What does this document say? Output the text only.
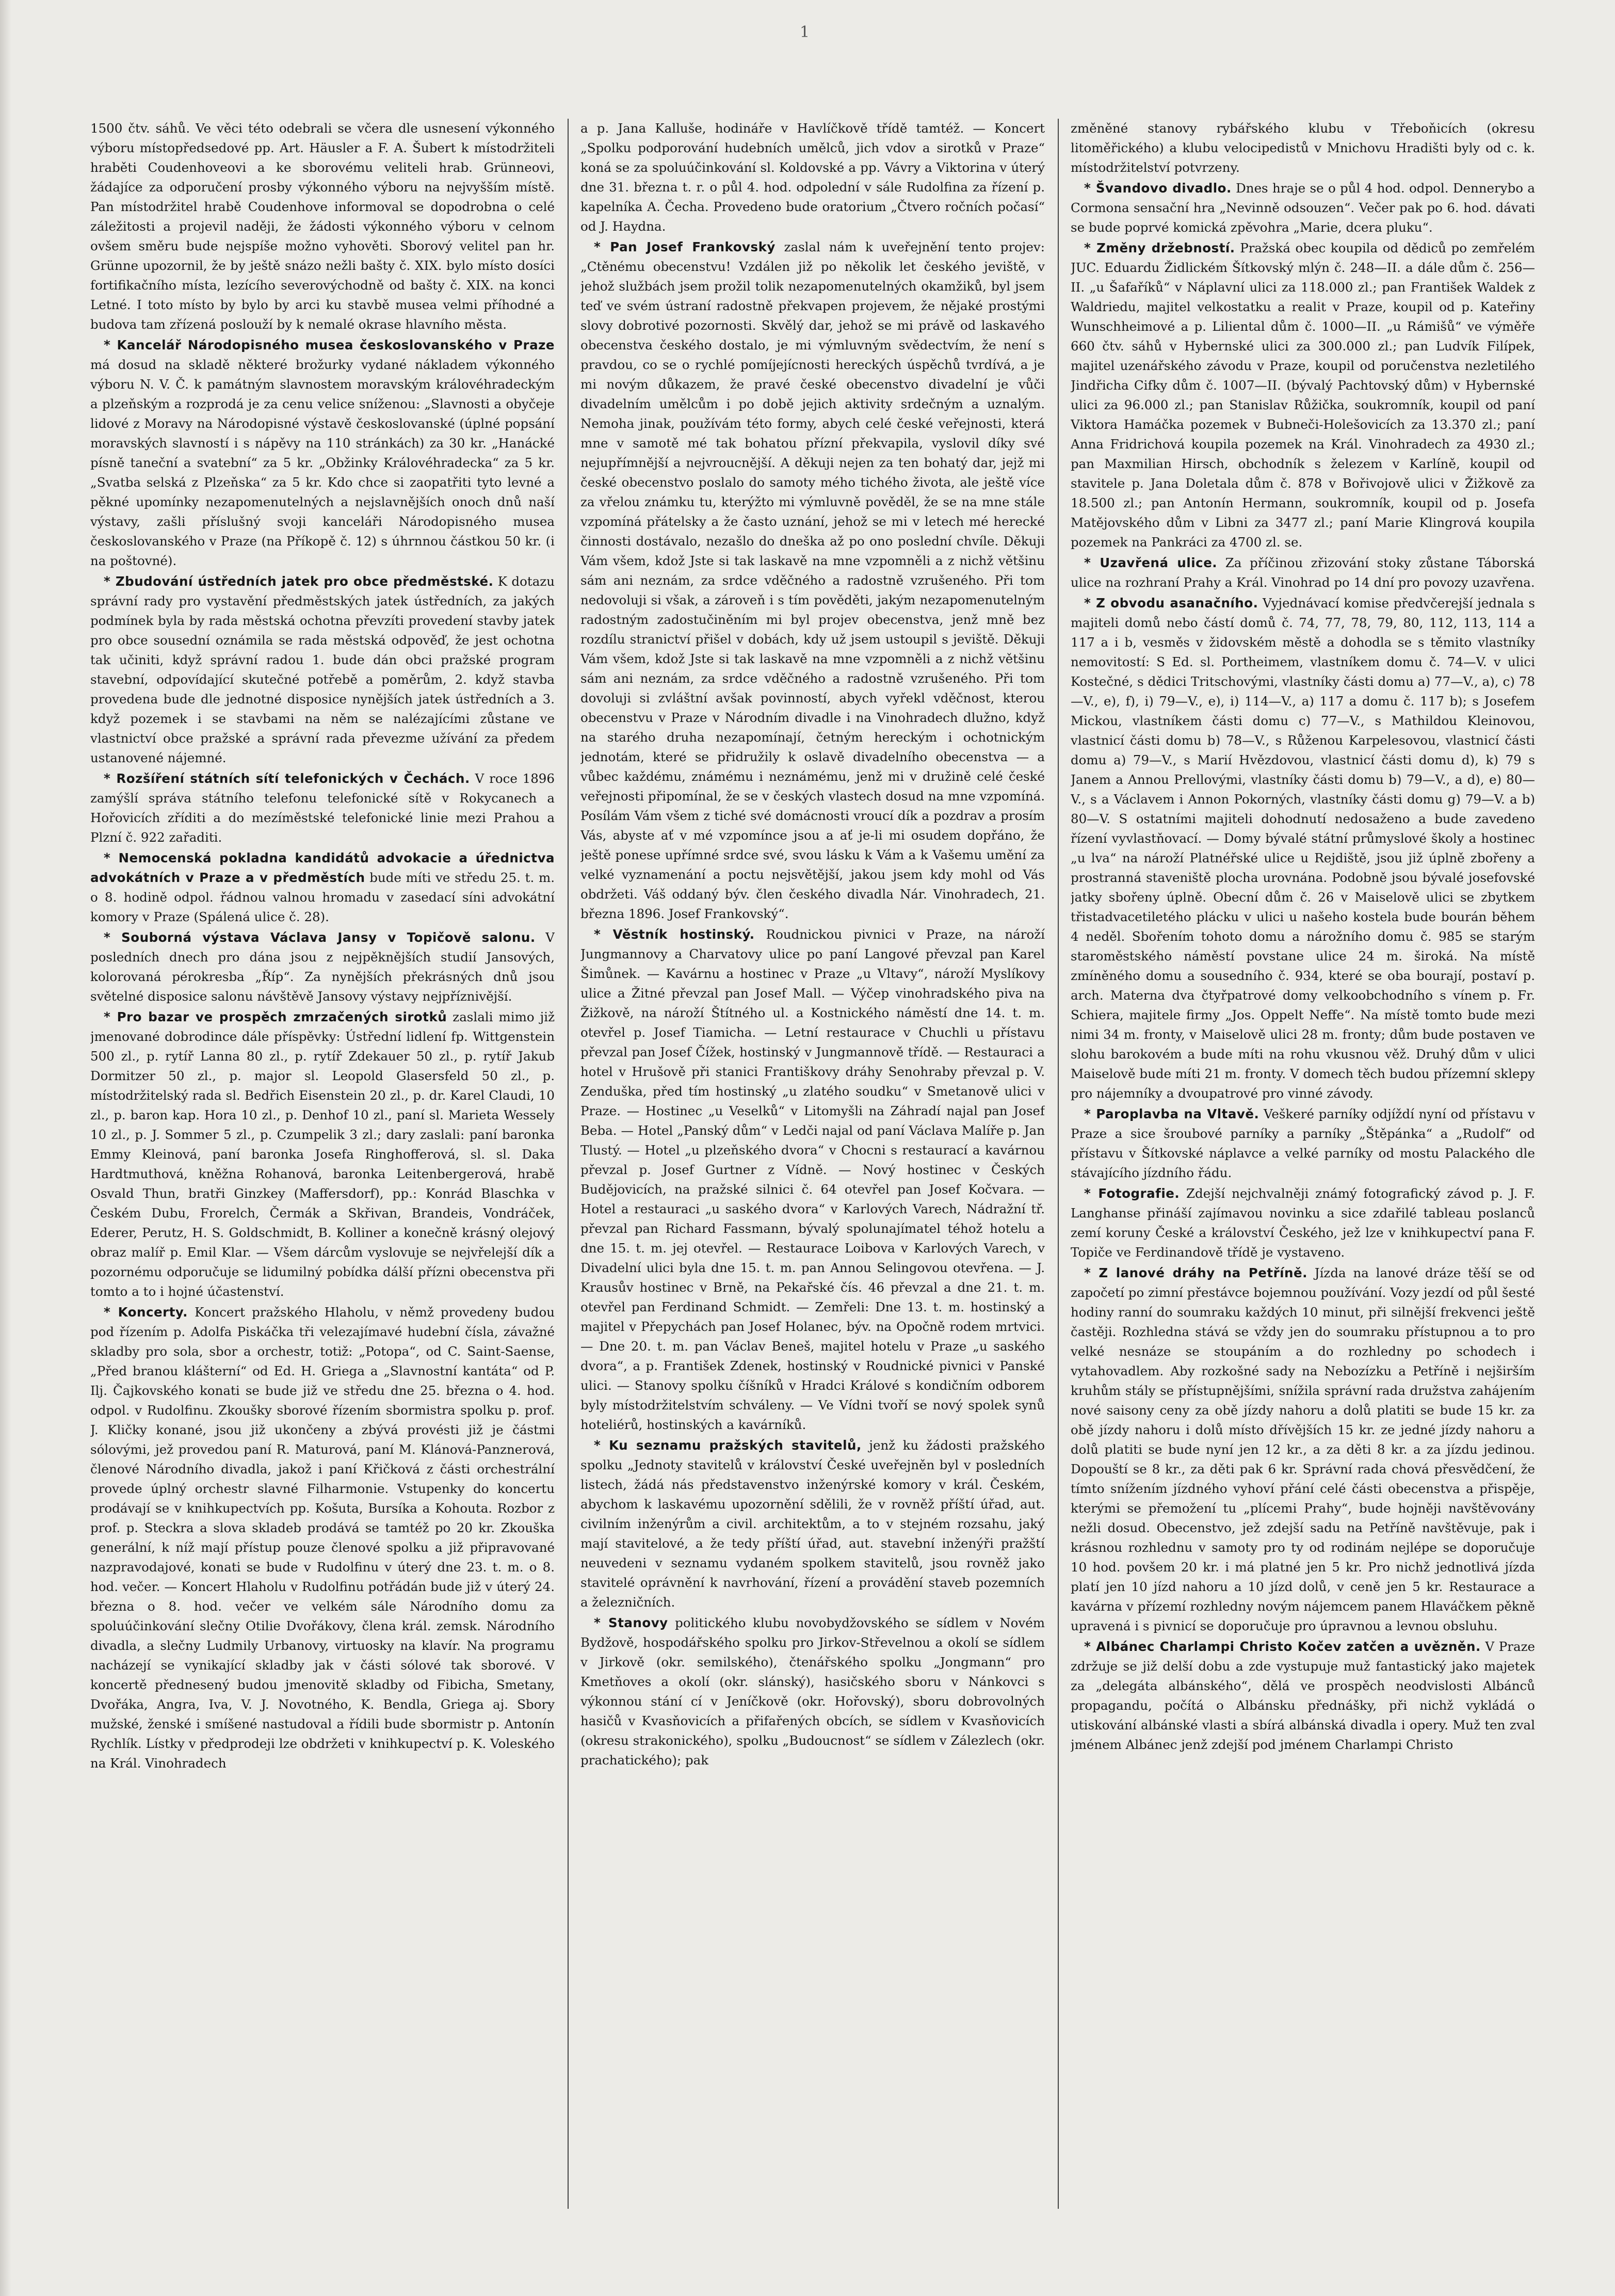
1

1500 čtv. sáhů. Ve věci této odebrali se včera dle usnesení výkonného výboru místopředsedové pp. Art. Häusler a F. A. Šubert k místodržiteli hraběti Coudenhoveovi a ke sborovému veliteli hrab. Grünneovi, žádajíce za odporučení prosby výkonného výboru na nejvyšším místě. Pan místodržitel hrabě Coudenhove informoval se dopodrobna o celé záležitosti a projevil naději, že žádosti výkonného výboru v celnom ovšem směru bude nejspíše možno vyhověti. Sborový velitel pan hr. Grünne upozornil, že by ještě snázo nežli bašty č. XIX. bylo místo dosíci fortifikačního místa, lezícího severovýchodně od bašty č. XIX. na konci Letné. I toto místo by bylo by arci ku stavbě musea velmi příhodné a budova tam zřízená poslouží by k nemalé okrase hlavního města.

* Kancelář Národopisného musea českoslovanského v Praze má dosud na skladě některé brožurky vydané nákladem výkonného výboru N. V. Č. k památným slavnostem moravským královéhradeckým a plzeňským a rozprodá je za cenu velice sníženou: „Slavnosti a obyčeje lidové z Moravy na Národopisné výstavě českoslovanské (úplné popsání moravských slavností i s nápěvy na 110 stránkách) za 30 kr. „Hanácké písně taneční a svatební“ za 5 kr. „Obžinky Královéhradecka“ za 5 kr. „Svatba selská z Plzeňska“ za 5 kr. Kdo chce si zaopatřiti tyto levné a pěkné upomínky nezapomenutelných a nejslavnějších onoch dnů naší výstavy, zašli příslušný svoji kanceláři Národopisného musea českoslovanského v Praze (na Příkopě č. 12) s úhrnnou částkou 50 kr. (i na poštovné).

* Zbudování ústředních jatek pro obce předměstské. K dotazu správní rady pro vystavění předměstských jatek ústředních, za jakých podmínek byla by rada městská ochotna převzíti provedení stavby jatek pro obce sousední oznámila se rada městská odpověď, že jest ochotna tak učiniti, když správní radou 1. bude dán obci pražské program stavební, odpovídající skutečné potřebě a poměrům, 2. když stavba provedena bude dle jednotné disposice nynějších jatek ústředních a 3. když pozemek i se stavbami na něm se nalézajícími zůstane ve vlastnictví obce pražské a správní rada převezme užívání za předem ustanovené nájemné.

* Rozšíření státních sítí telefonických v Čechách. V roce 1896 zamýšlí správa státního telefonu telefonické sítě v Rokycanech a Hořovicích zříditi a do mezíměstské telefonické linie mezi Prahou a Plzní č. 922 zařaditi.

* Nemocenská pokladna kandidátů advokacie a úřednictva advokátních v Praze a v předměstích bude míti ve středu 25. t. m. o 8. hodině odpol. řádnou valnou hromadu v zasedací síni advokátní komory v Praze (Spálená ulice č. 28).

* Souborná výstava Václava Jansy v Topičově salonu. V posledních dnech pro dána jsou z nejpěknějších studií Jansových, kolorovaná pérokresba „Říp“. Za nynějších překrásných dnů jsou světelné disposice salonu návštěvě Jansovy výstavy nejpříznivější.

* Pro bazar ve prospěch zmrzačených sirotků zaslali mimo již jmenované dobrodince dále příspěvky: Ústřední lidlení fp. Wittgenstein 500 zl., p. rytíř Lanna 80 zl., p. rytíř Zdekauer 50 zl., p. rytíř Jakub Dormitzer 50 zl., p. major sl. Leopold Glasersfeld 50 zl., p. místodržitelský rada sl. Bedřich Eisenstein 20 zl., p. dr. Karel Claudi, 10 zl., p. baron kap. Hora 10 zl., p. Denhof 10 zl., paní sl. Marieta Wessely 10 zl., p. J. Sommer 5 zl., p. Czumpelik 3 zl.; dary zaslali: paní baronka Emmy Kleinová, paní baronka Josefa Ringhofferová, sl. sl. Daka Hardtmuthová, kněžna Rohanová, baronka Leitenbergerová, hrabě Osvald Thun, bratři Ginzkey (Maffersdorf), pp.: Konrád Blaschka v Českém Dubu, Frorelch, Čermák a Skřivan, Brandeis, Vondráček, Ederer, Perutz, H. S. Goldschmidt, B. Kolliner a konečně krásný olejový obraz malíř p. Emil Klar. — Všem dárcům vyslovuje se nejvřelejší dík a pozornému odporučuje se lidumilný pobídka dálší přízni obecenstva při tomto a to i hojné účastenství.

* Koncerty. Koncert pražského Hlaholu, v němž provedeny budou pod řízením p. Adolfa Piskáčka tři velezajímavé hudební čísla, závažné skladby pro sola, sbor a orchestr, totiž: „Potopa“, od C. Saint-Saense, „Před branou klášterní“ od Ed. H. Griega a „Slavnostní kantáta“ od P. Ilj. Čajkovského konati se bude již ve středu dne 25. března o 4. hod. odpol. v Rudolfinu. Zkoušky sborové řízením sbormistra spolku p. prof. J. Kličky konané, jsou již ukončeny a zbývá provésti již je částmi sólovými, jež provedou paní R. Maturová, paní M. Klánová-Panznerová, členové Národního divadla, jakož i paní Křičková z části orchestrální provede úplný orchestr slavné Filharmonie. Vstupenky do koncertu prodávají se v knihkupectvích pp. Košuta, Bursíka a Kohouta. Rozbor z prof. p. Steckra a slova skladeb prodává se tamtéž po 20 kr. Zkouška generální, k níž mají přístup pouze členové spolku a již připravované nazpravodajové, konati se bude v Rudolfinu v úterý dne 23. t. m. o 8. hod. večer. — Koncert Hlaholu v Rudolfinu potřádán bude již v úterý 24. března o 8. hod. večer ve velkém sále Národního domu za spoluúčinkování slečny Otilie Dvořákovy, člena král. zemsk. Národního divadla, a slečny Ludmily Urbanovy, virtuosky na klavír. Na programu nacházejí se vynikající skladby jak v části sólové tak sborové. V koncertě přednesený budou jmenovitě skladby od Fibicha, Smetany, Dvořáka, Angra, Iva, V. J. Novotného, K. Bendla, Griega aj. Sbory mužské, ženské i smíšené nastudoval a řídili bude sbormistr p. Antonín Rychlík. Lístky v předprodeji lze obdržeti v knihkupectví p. K. Voleského na Král. Vinohradech

a p. Jana Kalluše, hodináře v Havlíčkově třídě tamtéž. — Koncert „Spolku podporování hudebních umělců, jich vdov a sirotků v Praze“ koná se za spoluúčinkování sl. Koldovské a pp. Vávry a Viktorina v úterý dne 31. března t. r. o půl 4. hod. odpolední v sále Rudolfina za řízení p. kapelníka A. Čecha. Provedeno bude oratorium „Čtvero ročních počasí“ od J. Haydna.

* Pan Josef Frankovský zaslal nám k uveřejnění tento projev: „Ctěnému obecenstvu! Vzdálen již po několik let českého jeviště, v jehož službách jsem prožil tolik nezapomenutelných okamžiků, byl jsem teď ve svém ústraní radostně překvapen projevem, že nějaké prostými slovy dobrotivé pozornosti. Skvělý dar, jehož se mi právě od laskavého obecenstva českého dostalo, je mi výmluvným svědectvím, že není s pravdou, co se o rychlé pomíjejícnosti hereckých úspěchů tvrdívá, a je mi novým důkazem, že pravé české obecenstvo divadelní je vůči divadelním umělcům i po době jejich aktivity srdečným a uznalým. Nemoha jinak, používám této formy, abych celé české veřejnosti, která mne v samotě mé tak bohatou přízní překvapila, vyslovil díky své nejupřímnější a nejvroucnější. A děkuji nejen za ten bohatý dar, jejž mi české obecenstvo poslalo do samoty mého tichého života, ale ještě více za vřelou známku tu, kterýžto mi výmluvně pověděl, že se na mne stále vzpomíná přátelsky a že často uznání, jehož se mi v letech mé herecké činnosti dostávalo, nezašlo do dneška až po ono poslední chvíle. Děkuji Vám všem, kdož Jste si tak laskavě na mne vzpomněli a z nichž většinu sám ani neznám, za srdce vděčného a radostně vzrušeného. Při tom nedovoluji si však, a zároveň i s tím pověděti, jakým nezapomenutelným radostným zadostučiněním mi byl projev obecenstva, jenž mně bez rozdílu stranictví přišel v dobách, kdy už jsem ustoupil s jeviště. Děkuji Vám všem, kdož Jste si tak laskavě na mne vzpomněli a z nichž většinu sám ani neznám, za srdce vděčného a radostně vzrušeného. Při tom dovoluji si zvláštní avšak povinností, abych vyřekl vděčnost, kterou obecenstvu v Praze v Národním divadle i na Vinohradech dlužno, když na starého druha nezapomínají, četným hereckým i ochotnickým jednotám, které se přidružily k oslavě divadelního obecenstva — a vůbec každému, známému i neznámému, jenž mi v družině celé české veřejnosti připomínal, že se v českých vlastech dosud na mne vzpomíná. Posílám Vám všem z tiché své domácnosti vroucí dík a pozdrav a prosím Vás, abyste ať v mé vzpomínce jsou a ať je-li mi osudem dopřáno, že ještě ponese upřímné srdce své, svou lásku k Vám a k Vašemu umění za velké vyznamenání a poctu nejsvětější, jakou jsem kdy mohl od Vás obdržeti. Váš oddaný býv. člen českého divadla Nár. Vinohradech, 21. března 1896. Josef Frankovský“.

* Věstník hostinský. Roudnickou pivnici v Praze, na nároží Jungmannovy a Charvatovy ulice po paní Langové převzal pan Karel Šimůnek. — Kavárnu a hostinec v Praze „u Vltavy“, nároží Myslíkovy ulice a Žitné převzal pan Josef Mall. — Výčep vinohradského piva na Žižkově, na nároží Štítného ul. a Kostnického náměstí dne 14. t. m. otevřel p. Josef Tiamicha. — Letní restaurace v Chuchli u přístavu převzal pan Josef Čížek, hostinský v Jungmannově třídě. — Restauraci a hotel v Hrušově při stanici Františkovy dráhy Senohraby převzal p. V. Zenduška, před tím hostinský „u zlatého soudku“ v Smetanově ulici v Praze. — Hostinec „u Veselků“ v Litomyšli na Záhradí najal pan Josef Beba. — Hotel „Panský dům“ v Ledči najal od paní Václava Malíře p. Jan Tlustý. — Hotel „u plzeňského dvora“ v Chocni s restaurací a kavárnou převzal p. Josef Gurtner z Vídně. — Nový hostinec v Českých Budějovicích, na pražské silnici č. 64 otevřel pan Josef Kočvara. — Hotel a restauraci „u saského dvora“ v Karlových Varech, Nádražní tř. převzal pan Richard Fassmann, bývalý spolunajímatel téhož hotelu a dne 15. t. m. jej otevřel. — Restaurace Loibova v Karlových Varech, v Divadelní ulici byla dne 15. t. m. pan Annou Selingovou otevřena. — J. Krausův hostinec v Brně, na Pekařské čís. 46 převzal a dne 21. t. m. otevřel pan Ferdinand Schmidt. — Zemřeli: Dne 13. t. m. hostinský a majitel v Přepychách pan Josef Holanec, býv. na Opočně rodem mrtvici. — Dne 20. t. m. pan Václav Beneš, majitel hotelu v Praze „u saského dvora“, a p. František Zdenek, hostinský v Roudnické pivnici v Panské ulici. — Stanovy spolku číšníků v Hradci Králové s kondičním odborem byly místodržitelstvím schváleny. — Ve Vídni tvoří se nový spolek synů hoteliérů, hostinských a kavárníků.

* Ku seznamu pražských stavitelů, jenž ku žádosti pražského spolku „Jednoty stavitelů v království České uveřejněn byl v posledních listech, žádá nás představenstvo inženýrské komory v král. Českém, abychom k laskavému upozornění sdělili, že v rovněž příští úřad, aut. civilním inženýrům a civil. architektům, a to v stejném rozsahu, jaký mají stavitelové, a že tedy příští úřad, aut. stavební inženýři pražští neuvedeni v seznamu vydaném spolkem stavitelů, jsou rovněž jako stavitelé oprávnění k navrhování, řízení a provádění staveb pozemních a železničních.

* Stanovy politického klubu novobydžovského se sídlem v Novém Bydžově, hospodářského spolku pro Jirkov-Střevelnou a okolí se sídlem v Jirkově (okr. semilského), čtenářského spolku „Jongmann“ pro Kmetňoves a okolí (okr. slánský), hasičského sboru v Nánkovci s výkonnou stání cí v Jeníčkově (okr. Hořovský), sboru dobrovolných hasičů v Kvasňovicích a přifařených obcích, se sídlem v Kvasňovicích (okresu strakonického), spolku „Budoucnost“ se sídlem v Zálezlech (okr. prachatického); pak

změněné stanovy rybářského klubu v Třeboňicích (okresu litoměřického) a klubu velocipedistů v Mnichovu Hradišti byly od c. k. místodržitelství potvrzeny.

* Švandovo divadlo. Dnes hraje se o půl 4 hod. odpol. Dennerybo a Cormona sensační hra „Nevinně odsouzen“. Večer pak po 6. hod. dávati se bude poprvé komická zpěvohra „Marie, dcera pluku“.

* Změny držebností. Pražská obec koupila od dědiců po zemřelém JUC. Eduardu Židlickém Šítkovský mlýn č. 248—II. a dále dům č. 256—II. „u Šafaříků“ v Náplavní ulici za 118.000 zl.; pan František Waldek z Waldriedu, majitel velkostatku a realit v Praze, koupil od p. Kateřiny Wunschheimové a p. Liliental dům č. 1000—II. „u Rámišů“ ve výměře 660 čtv. sáhů v Hybernské ulici za 300.000 zl.; pan Ludvík Filípek, majitel uzenářského závodu v Praze, koupil od poručenstva nezletilého Jindřicha Cifky dům č. 1007—II. (bývalý Pachtovský dům) v Hybernské ulici za 96.000 zl.; pan Stanislav Růžička, soukromník, koupil od paní Viktora Hamáčka pozemek v Bubneči-Holešovicích za 13.370 zl.; paní Anna Fridrichová koupila pozemek na Král. Vinohradech za 4930 zl.; pan Maxmilian Hirsch, obchodník s železem v Karlíně, koupil od stavitele p. Jana Doletala dům č. 878 v Bořivojově ulici v Žižkově za 18.500 zl.; pan Antonín Hermann, soukromník, koupil od p. Josefa Matějovského dům v Libni za 3477 zl.; paní Marie Klingrová koupila pozemek na Pankráci za 4700 zl. se.

* Uzavřená ulice. Za příčinou zřizování stoky zůstane Táborská ulice na rozhraní Prahy a Král. Vinohrad po 14 dní pro povozy uzavřena.

* Z obvodu asanačního. Vyjednávací komise předvčerejší jednala s majiteli domů nebo částí domů č. 74, 77, 78, 79, 80, 112, 113, 114 a 117 a i b, vesměs v židovském městě a dohodla se s těmito vlastníky nemovitostí: S Ed. sl. Portheimem, vlastníkem domu č. 74—V. v ulici Kostečné, s dědici Tritschovými, vlastníky části domu a) 77—V., a), c) 78—V., e), f), i) 79—V., e), i) 114—V., a) 117 a domu č. 117 b); s Josefem Mickou, vlastníkem části domu c) 77—V., s Mathildou Kleinovou, vlastnicí části domu b) 78—V., s Růženou Karpelesovou, vlastnicí části domu a) 79—V., s Marií Hvězdovou, vlastnicí části domu d), k) 79 s Janem a Annou Prellovými, vlastníky části domu b) 79—V., a d), e) 80—V., s a Václavem i Annon Pokorných, vlastníky části domu g) 79—V. a b) 80—V. S ostatními majiteli dohodnutí nedosaženo a bude zavedeno řízení vyvlastňovací. — Domy bývalé státní průmyslové školy a hostinec „u lva“ na nároží Platnéřské ulice u Rejdiště, jsou již úplně zbořeny a prostranná staveniště plocha urovnána. Podobně jsou bývalé josefovské jatky sbořeny úplně. Obecní dům č. 26 v Maiselově ulici se zbytkem třistadvacetiletého plácku v ulici u našeho kostela bude bourán během 4 neděl. Sbořením tohoto domu a nárožního domu č. 985 se starým staroměstského náměstí povstane ulice 24 m. široká. Na místě zmíněného domu a sousedního č. 934, které se oba bourají, postaví p. arch. Materna dva čtyřpatrové domy velkoobchodního s vínem p. Fr. Schiera, majitele firmy „Jos. Oppelt Neffe“. Na místě tomto bude mezi nimi 34 m. fronty, v Maiselově ulici 28 m. fronty; dům bude postaven ve slohu barokovém a bude míti na rohu vkusnou věž. Druhý dům v ulici Maiselově bude míti 21 m. fronty. V domech těch budou přízemní sklepy pro nájemníky a dvoupatrové pro vinné závody.

* Paroplavba na Vltavě. Veškeré parníky odjíždí nyní od přístavu v Praze a sice šroubové parníky a parníky „Štěpánka“ a „Rudolf“ od přístavu v Šítkovské náplavce a velké parníky od mostu Palackého dle stávajícího jízdního řádu.

* Fotografie. Zdejší nejchvalněji známý fotografický závod p. J. F. Langhanse přináší zajímavou novinku a sice zdařilé tableau poslanců zemí koruny České a království Českého, jež lze v knihkupectví pana F. Topiče ve Ferdinandově třídě je vystaveno.

* Z lanové dráhy na Petříně. Jízda na lanové dráze těší se od započetí po zimní přestávce bojemnou používání. Vozy jezdí od půl šesté hodiny ranní do soumraku každých 10 minut, při silnější frekvenci ještě častěji. Rozhledna stává se vždy jen do soumraku přístupnou a to pro velké nesnáze se stoupáním a do rozhledny po schodech i vytahovadlem. Aby rozkošné sady na Nebozízku a Petříně i nejširším kruhům stály se přístupnějšími, snížila správní rada družstva zahájením nové saisony ceny za obě jízdy nahoru a dolů platiti se bude 15 kr. za obě jízdy nahoru i dolů místo dřívějších 15 kr. ze jedné jízdy nahoru a dolů platiti se bude nyní jen 12 kr., a za děti 8 kr. a za jízdu jedinou. Dopouští se 8 kr., za děti pak 6 kr. Správní rada chová přesvědčení, že tímto snížením jízdného vyhoví přání celé části obecenstva a přispěje, kterými se přemožení tu „plícemi Prahy“, bude hojněji navštěvovány nežli dosud. Obecenstvo, jež zdejší sadu na Petříně navštěvuje, pak i krásnou rozhlednu v samoty pro ty od rodinám nejlépe se doporučuje 10 hod. povšem 20 kr. i má platné jen 5 kr. Pro nichž jednotlivá jízda platí jen 10 jízd nahoru a 10 jízd dolů, v ceně jen 5 kr. Restaurace a kavárna v přízemí rozhledny novým nájemcem panem Hlaváčkem pěkně upravená i s pivnicí se doporučuje pro úpravnou a levnou obsluhu.

* Albánec Charlampi Christo Kočev zatčen a uvězněn. V Praze zdržuje se již delší dobu a zde vystupuje muž fantastický jako majetek za „delegáta albánského“, dělá ve prospěch neodvislosti Albánců propagandu, počítá o Albánsku přednášky, při nichž vykládá o utiskování albánské vlasti a sbírá albánská divadla i opery. Muž ten zval jménem Albánec jenž zdejší pod jménem Charlampi Christo
